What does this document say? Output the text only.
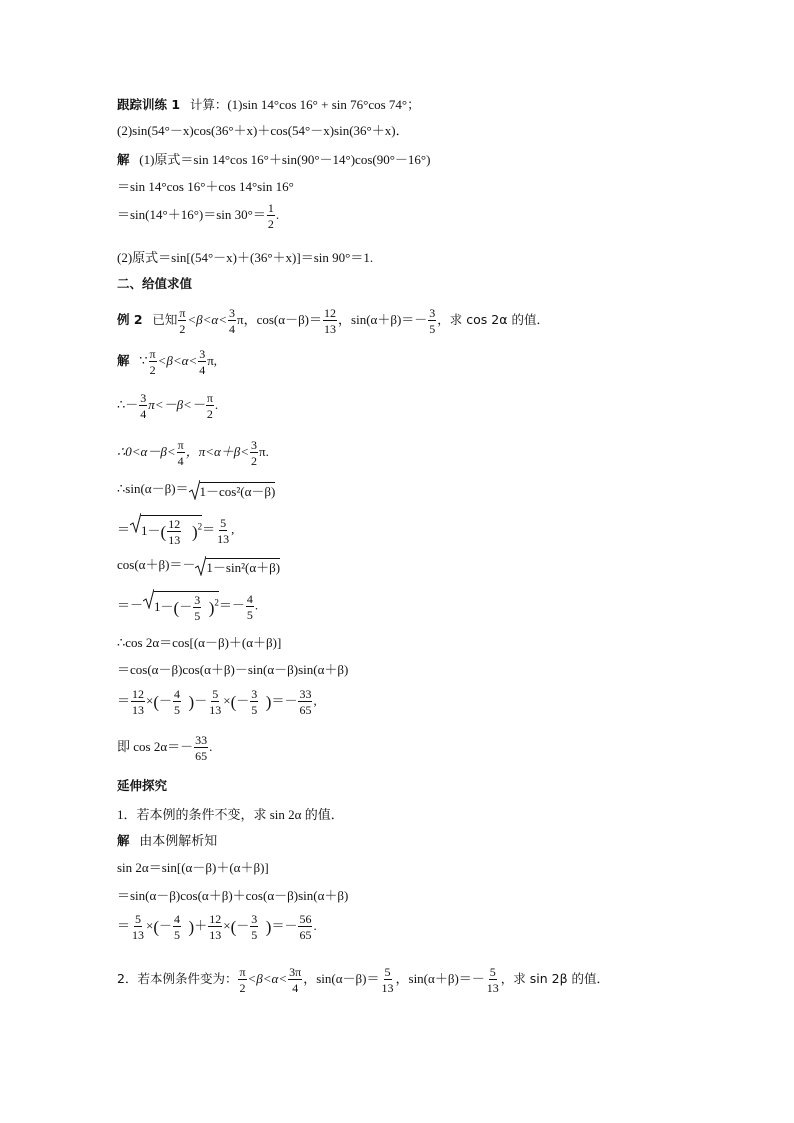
跟踪训练 1 计算：(1)sin 14°cos 16° + sin 76°cos 74°；
(2)sin(54°－x)cos(36°＋x)＋cos(54°－x)sin(36°＋x)．
解 (1)原式＝sin 14°cos 16°＋sin(90°－14°)cos(90°－16°)
＝sin 14°cos 16°＋cos 14°sin 16°
＝sin(14°＋16°)＝sin $30^\circ= \frac{1}{2}$ .
(2)原式＝sin[(54°－x)＋(36°＋x)]＝sin 90°＝1.
二、给值求值
例 2 已知 $\frac{\pi}{2} <\beta<\alpha< \frac{3}{4}$ π，$\cos(\alpha-\beta)= \frac{12}{13}$ ，$\sin(\alpha+\beta)=- \frac{3}{5}$ ，求 cos 2α 的值．
解 ∵ $\frac{\pi}{2} <\beta<\alpha< \frac{3}{4} \pi$,
∴－ $\frac{3}{4} \pi<-\beta<- \frac{\pi}{2}$ .
∴0<α－β< $\frac{\pi}{4}$ ，$\pi<\alpha+\beta< \frac{3}{2} \pi$.
∴sin(α－β)＝ 1－cos²(α－β)
＝ $1-( \frac{12}{13} )^2= \frac{5}{13}$ ,
cos(α＋β)＝－ 1－sin²(α＋β)
＝－ $1-(- \frac{3}{5} )^2=- \frac{4}{5}$ .
∴cos 2α＝cos[(α－β)＋(α＋β)]
＝cos(α－β)cos(α＋β)－sin(α－β)sin(α＋β)
＝ $\frac{12}{13}$ ×(－ $\frac{4}{5}$ )－ $\frac{5}{13}$ ×(－ $\frac{3}{5}$ )＝－ $\frac{33}{65}$ ,
即 $\cos 2\alpha=- \frac{33}{65}$ .
延伸探究
1．若本例的条件不变，求 sin 2α 的值．
解 由本例解析知
sin 2α＝sin[(α－β)＋(α＋β)]
＝sin(α－β)cos(α＋β)＋cos(α－β)sin(α＋β)
＝ $\frac{5}{13}$ ×(－ $\frac{4}{5}$ )＋ $\frac{12}{13}$ ×(－ $\frac{3}{5}$ )＝－ $\frac{56}{65}$ .
2．若本例条件变为： $\frac{\pi}{2} <\beta<\alpha< \frac{3\pi}{4}$ ，$\sin(\alpha-\beta)= \frac{5}{13}$ ，$\sin(\alpha+\beta)=- \frac{5}{13}$ ，求 sin 2β 的值．
